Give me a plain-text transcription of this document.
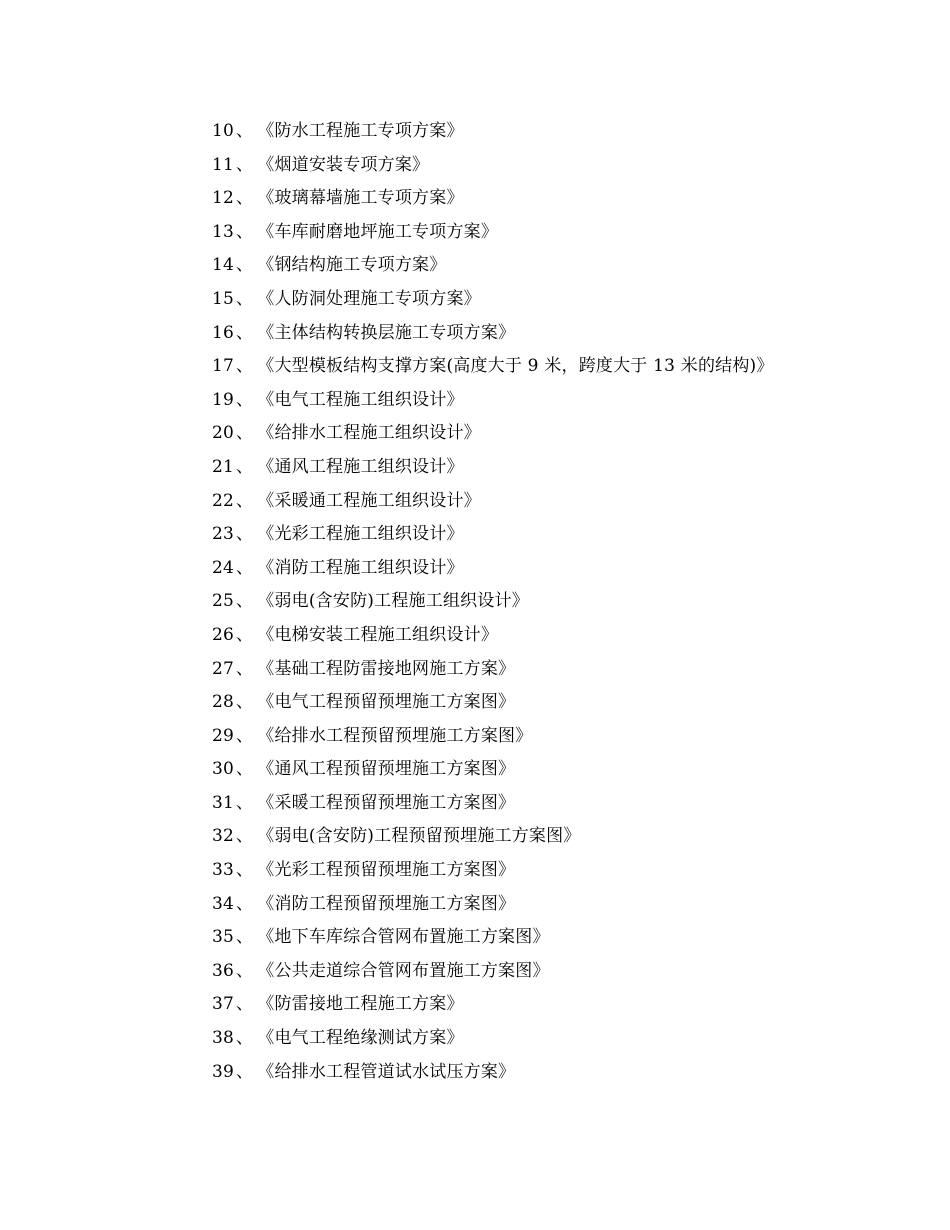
10 、 《防水工程施工专项方案》
11 、 《烟道安装专项方案》
12 、 《玻璃幕墙施工专项方案》
13 、 《车库耐磨地坪施工专项方案》
14 、 《钢结构施工专项方案》
15 、 《人防洞处理施工专项方案》
16 、 《主体结构转换层施工专项方案》
17 、 《大型模板结构支撑方案(高度大于 9 米，跨度大于 13 米的结构)》
19 、 《电气工程施工组织设计》
20 、 《给排水工程施工组织设计》
21 、 《通风工程施工组织设计》
22 、 《采暖通工程施工组织设计》
23 、 《光彩工程施工组织设计》
24 、 《消防工程施工组织设计》
25 、 《弱电(含安防)工程施工组织设计》
26 、 《电梯安装工程施工组织设计》
27 、 《基础工程防雷接地网施工方案》
28 、 《电气工程预留预埋施工方案图》
29 、 《给排水工程预留预埋施工方案图》
30 、 《通风工程预留预埋施工方案图》
31 、 《采暖工程预留预埋施工方案图》
32 、 《弱电(含安防)工程预留预埋施工方案图》
33 、 《光彩工程预留预埋施工方案图》
34 、 《消防工程预留预埋施工方案图》
35 、 《地下车库综合管网布置施工方案图》
36 、 《公共走道综合管网布置施工方案图》
37 、 《防雷接地工程施工方案》
38 、 《电气工程绝缘测试方案》
39 、 《给排水工程管道试水试压方案》
